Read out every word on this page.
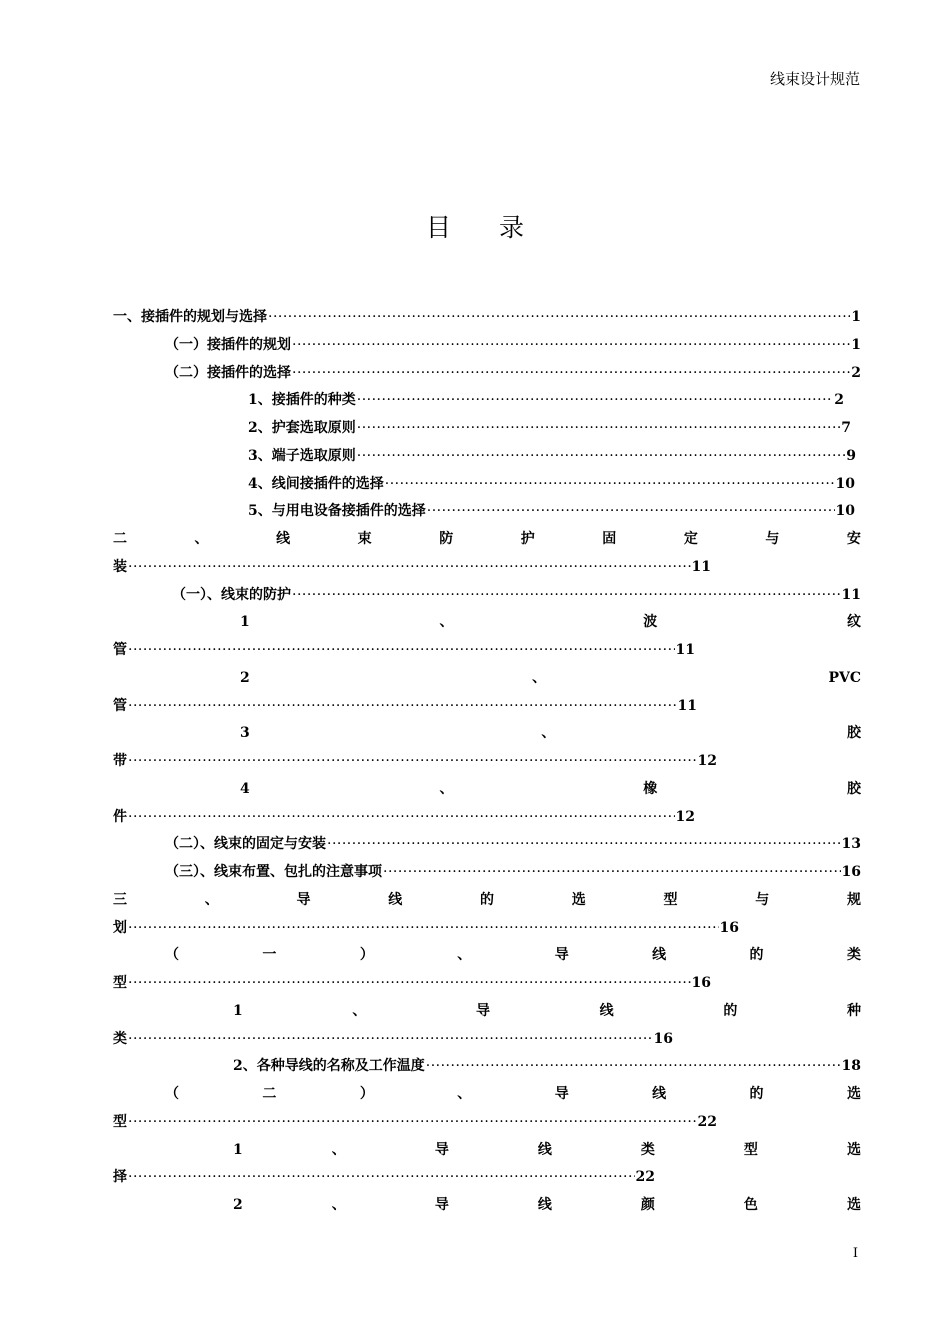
线束设计规范
目录
一、接插件的规划与选择 ·····	1
（一）接插件的规划 ·····	1
（二）接插件的选择 ·····	2
1、接插件的种类 ·····	2
2、护套选取原则 ·····	7
3、端子选取原则 ·····	9
4、线间接插件的选择 ·····	10
5、与用电设备接插件的选择 ·····	10
二	、	线	束	防	护	固	定	与	安
装 ·····	11
（一）、线束的防护 ·····	11
1	、	波	纹
管 ·····	11
2	、	PVC
管 ·····	11
3	、	胶
带 ·····	12
4	、	橡	胶
件 ·····	12
（二）、线束的固定与安装 ·····	13
（三）、线束布置、包扎的注意事项 ·····	16
三	、	导	线	的	选	型	与	规
划 ·····	16
（	一	）	、	导	线	的	类
型 ·····	16
1	、	导	线	的	种
类 ·····	16
2、各种导线的名称及工作温度 ·····	18
（	二	）	、	导	线	的	选
型 ·····	22
1	、	导	线	类	型	选
择 ·····	22
2	、	导	线	颜	色	选
I
